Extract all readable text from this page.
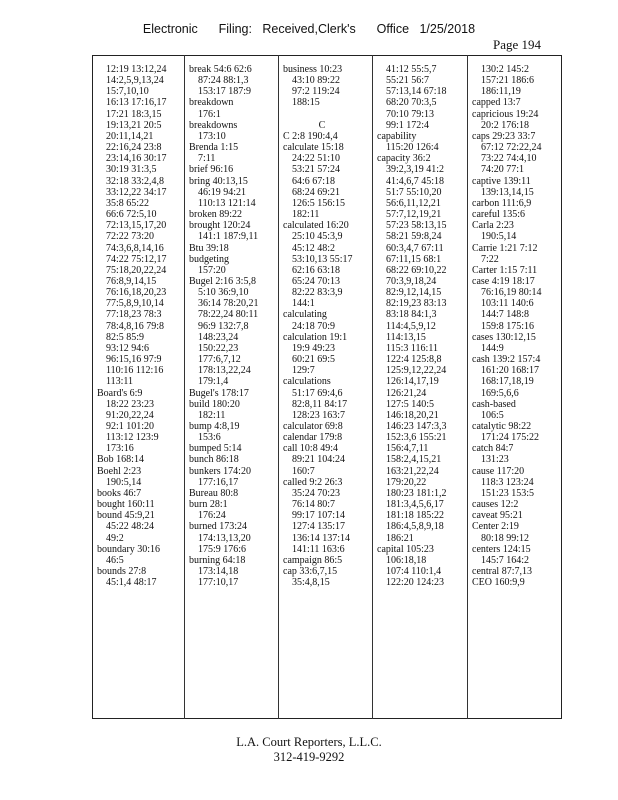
Electronic      Filing:   Received,Clerk's      Office   1/25/2018
Page 194
12:19 13:12,24
14:2,5,9,13,24
15:7,10,10
16:13 17:16,17
17:21 18:3,15
19:13,21 20:5
20:11,14,21
22:16,24 23:8
23:14,16 30:17
30:19 31:3,5
32:18 33:2,4,8
33:12,22 34:17
35:8 65:22
66:6 72:5,10
72:13,15,17,20
72:22 73:20
74:3,6,8,14,16
74:22 75:12,17
75:18,20,22,24
76:8,9,14,15
76:16,18,20,23
77:5,8,9,10,14
77:18,23 78:3
78:4,8,16 79:8
82:5 85:9
93:12 94:6
96:15,16 97:9
110:16 112:16
113:11
Board's 6:9
18:22 23:23
91:20,22,24
92:1 101:20
113:12 123:9
173:16
Bob 168:14
Boehl 2:23
190:5,14
books 46:7
bought 160:11
bound 45:9,21
45:22 48:24
49:2
boundary 30:16
46:5
bounds 27:8
45:1,4 48:17
break 54:6 62:6
87:24 88:1,3
153:17 187:9
breakdown
176:1
breakdowns
173:10
Brenda 1:15
7:11
brief 96:16
bring 40:13,15
46:19 94:21
110:13 121:14
broken 89:22
brought 120:24
141:1 187:9,11
Btu 39:18
budgeting
157:20
Bugel 2:16 3:5,8
5:10 36:9,10
36:14 78:20,21
78:22,24 80:11
96:9 132:7,8
148:23,24
150:22,23
177:6,7,12
178:13,22,24
179:1,4
Bugel's 178:17
build 180:20
182:11
bump 4:8,19
153:6
bumped 5:14
bunch 86:18
bunkers 174:20
177:16,17
Bureau 80:8
burn 28:1
176:24
burned 173:24
174:13,13,20
175:9 176:6
burning 64:18
173:14,18
177:10,17
business 10:23
43:10 89:22
97:2 119:24
188:15

C
C 2:8 190:4,4
calculate 15:18
24:22 51:10
53:21 57:24
64:6 67:18
68:24 69:21
126:5 156:15
182:11
calculated 16:20
25:10 45:3,9
45:12 48:2
53:10,13 55:17
62:16 63:18
65:24 70:13
82:22 83:3,9
144:1
calculating
24:18 70:9
calculation 19:1
19:9 49:23
60:21 69:5
129:7
calculations
51:17 69:4,6
82:8,11 84:17
128:23 163:7
calculator 69:8
calendar 179:8
call 10:8 49:4
89:21 104:24
160:7
called 9:2 26:3
35:24 70:23
76:14 80:7
99:17 107:14
127:4 135:17
136:14 137:14
141:11 163:6
campaign 86:5
cap 33:6,7,15
35:4,8,15
41:12 55:5,7
55:21 56:7
57:13,14 67:18
68:20 70:3,5
70:10 79:13
99:1 172:4
capability
115:20 126:4
capacity 36:2
39:2,3,19 41:2
41:4,6,7 45:18
51:7 55:10,20
56:6,11,12,21
57:7,12,19,21
57:23 58:13,15
58:21 59:8,24
60:3,4,7 67:11
67:11,15 68:1
68:22 69:10,22
70:3,9,18,24
82:9,12,14,15
82:19,23 83:13
83:18 84:1,3
114:4,5,9,12
114:13,15
115:3 116:11
122:4 125:8,8
125:9,12,22,24
126:14,17,19
126:21,24
127:5 140:5
146:18,20,21
146:23 147:3,3
152:3,6 155:21
156:4,7,11
158:2,4,15,21
163:21,22,24
179:20,22
180:23 181:1,2
181:3,4,5,6,17
181:18 185:22
186:4,5,8,9,18
186:21
capital 105:23
106:18,18
107:4 110:1,4
122:20 124:23
130:2 145:2
157:21 186:6
186:11,19
capped 13:7
capricious 19:24
20:2 176:18
caps 29:23 33:7
67:12 72:22,24
73:22 74:4,10
74:20 77:1
captive 139:11
139:13,14,15
carbon 111:6,9
careful 135:6
Carla 2:23
190:5,14
Carrie 1:21 7:12
7:22
Carter 1:15 7:11
case 4:19 18:17
76:16,19 80:14
103:11 140:6
144:7 148:8
159:8 175:16
cases 130:12,15
144:9
cash 139:2 157:4
161:20 168:17
168:17,18,19
169:5,6,6
cash-based
106:5
catalytic 98:22
171:24 175:22
catch 84:7
131:23
cause 117:20
118:3 123:24
151:23 153:5
causes 12:2
caveat 95:21
Center 2:19
80:18 99:12
centers 124:15
145:7 164:2
central 87:7,13
CEO 160:9,9
L.A. Court Reporters, L.L.C.
312-419-9292
